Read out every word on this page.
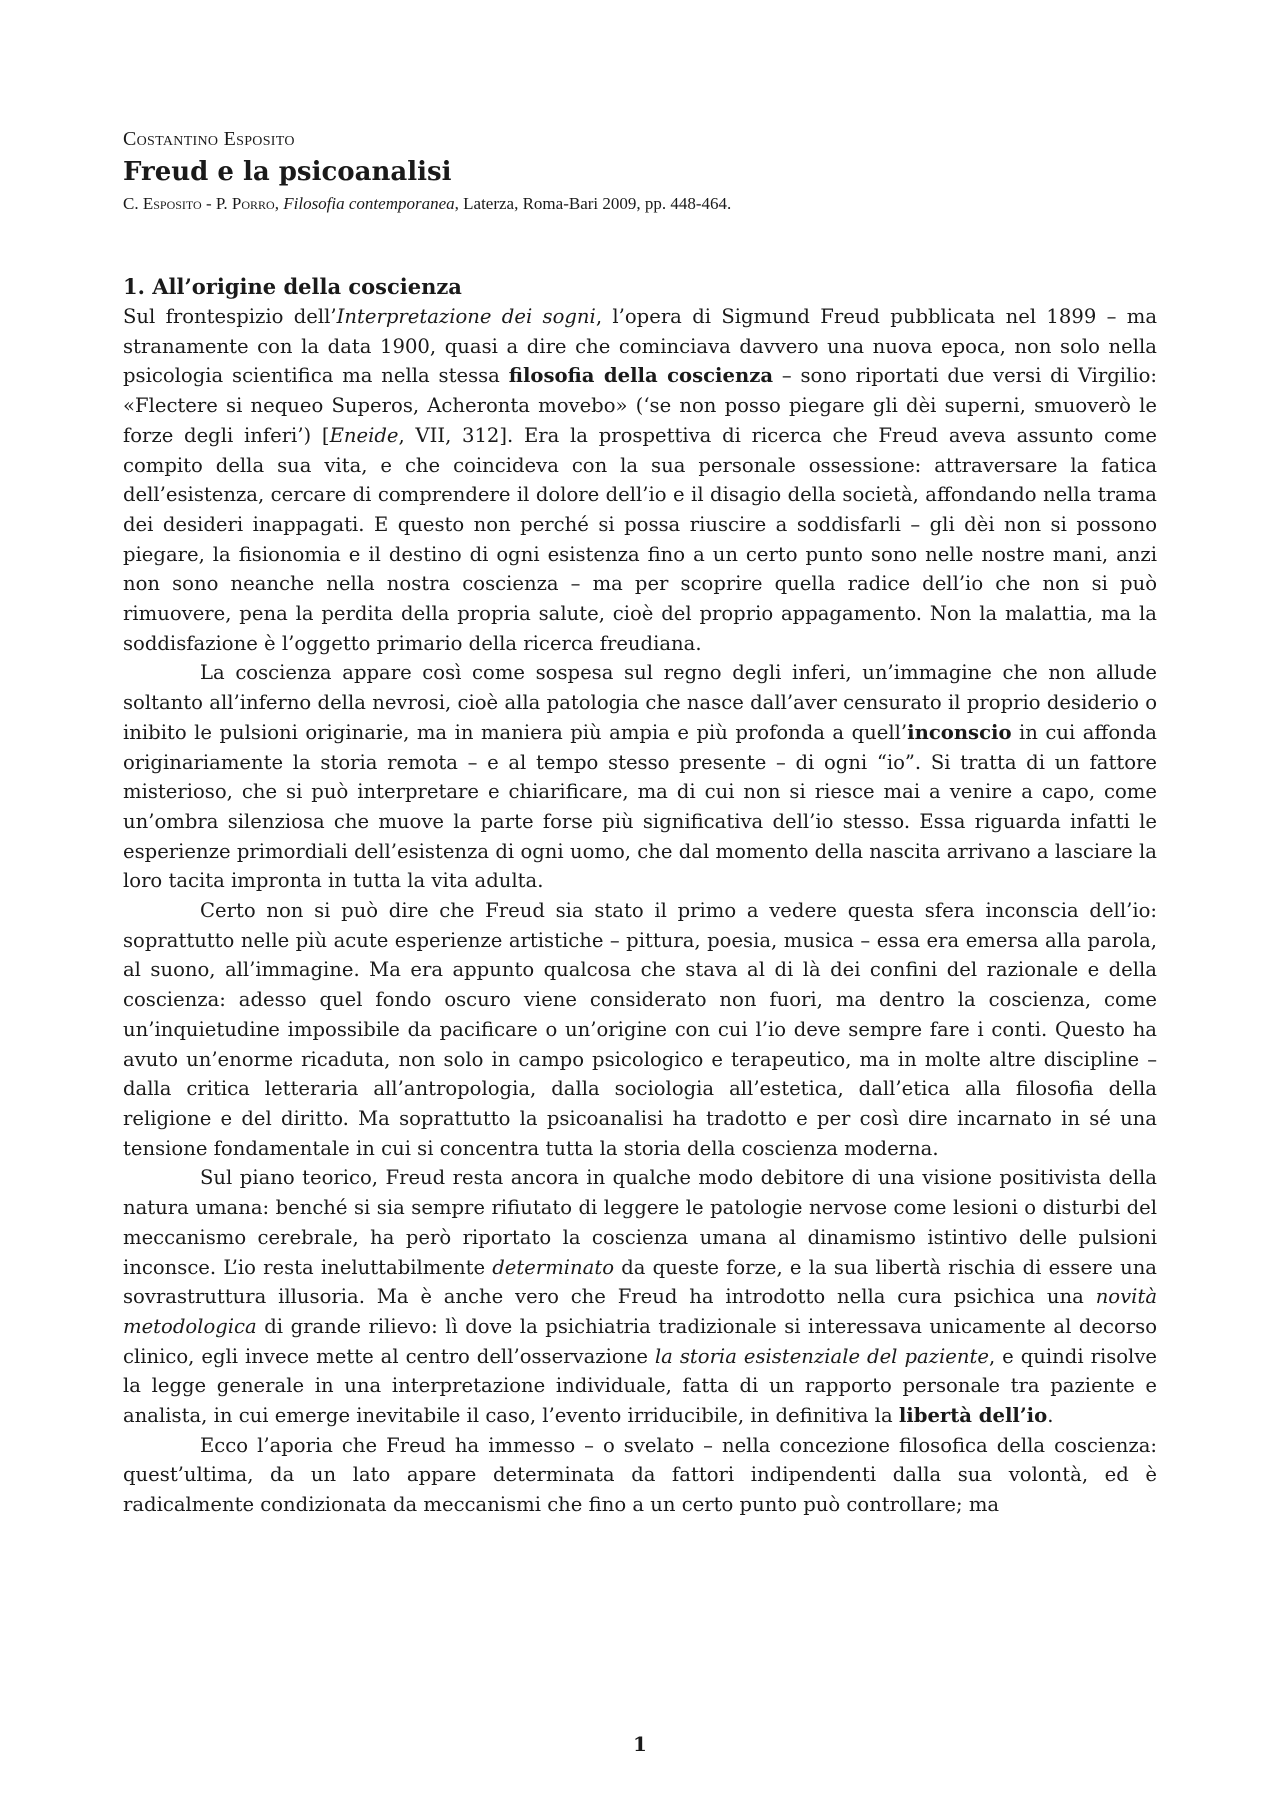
Costantino Esposito
Freud e la psicoanalisi
C. Esposito - P. Porro, Filosofia contemporanea, Laterza, Roma-Bari 2009, pp. 448-464.
1. All’origine della coscienza

Sul frontespizio dell’Interpretazione dei sogni, l’opera di Sigmund Freud pubblicata nel 1899 – ma stranamente con la data 1900, quasi a dire che cominciava davvero una nuova epoca, non solo nella psicologia scientifica ma nella stessa filosofia della coscienza – sono riportati due versi di Virgilio: «Flectere si nequeo Superos, Acheronta movebo» (‘se non posso piegare gli dèi superni, smuoverò le forze degli inferi’) [Eneide, VII, 312]. Era la prospettiva di ricerca che Freud aveva assunto come compito della sua vita, e che coincideva con la sua personale ossessione: attraversare la fatica dell’esistenza, cercare di comprendere il dolore dell’io e il disagio della società, affondando nella trama dei desideri inappagati. E questo non perché si possa riuscire a soddisfarli – gli dèi non si possono piegare, la fisionomia e il destino di ogni esistenza fino a un certo punto sono nelle nostre mani, anzi non sono neanche nella nostra coscienza – ma per scoprire quella radice dell’io che non si può rimuovere, pena la perdita della propria salute, cioè del proprio appagamento. Non la malattia, ma la soddisfazione è l’oggetto primario della ricerca freudiana.

La coscienza appare così come sospesa sul regno degli inferi, un’immagine che non allude soltanto all’inferno della nevrosi, cioè alla patologia che nasce dall’aver censurato il proprio desiderio o inibito le pulsioni originarie, ma in maniera più ampia e più profonda a quell’inconscio in cui affonda originariamente la storia remota – e al tempo stesso presente – di ogni “io”. Si tratta di un fattore misterioso, che si può interpretare e chiarificare, ma di cui non si riesce mai a venire a capo, come un’ombra silenziosa che muove la parte forse più significativa dell’io stesso. Essa riguarda infatti le esperienze primordiali dell’esistenza di ogni uomo, che dal momento della nascita arrivano a lasciare la loro tacita impronta in tutta la vita adulta.

Certo non si può dire che Freud sia stato il primo a vedere questa sfera inconscia dell’io: soprattutto nelle più acute esperienze artistiche – pittura, poesia, musica – essa era emersa alla parola, al suono, all’immagine. Ma era appunto qualcosa che stava al di là dei confini del razionale e della coscienza: adesso quel fondo oscuro viene considerato non fuori, ma dentro la coscienza, come un’inquietudine impossibile da pacificare o un’origine con cui l’io deve sempre fare i conti. Questo ha avuto un’enorme ricaduta, non solo in campo psicologico e terapeutico, ma in molte altre discipline – dalla critica letteraria all’antropologia, dalla sociologia all’estetica, dall’etica alla filosofia della religione e del diritto. Ma soprattutto la psicoanalisi ha tradotto e per così dire incarnato in sé una tensione fondamentale in cui si concentra tutta la storia della coscienza moderna.

Sul piano teorico, Freud resta ancora in qualche modo debitore di una visione positivista della natura umana: benché si sia sempre rifiutato di leggere le patologie nervose come lesioni o disturbi del meccanismo cerebrale, ha però riportato la coscienza umana al dinamismo istintivo delle pulsioni inconsce. L’io resta ineluttabilmente determinato da queste forze, e la sua libertà rischia di essere una sovrastruttura illusoria. Ma è anche vero che Freud ha introdotto nella cura psichica una novità metodologica di grande rilievo: lì dove la psichiatria tradizionale si interessava unicamente al decorso clinico, egli invece mette al centro dell’osservazione la storia esistenziale del paziente, e quindi risolve la legge generale in una interpretazione individuale, fatta di un rapporto personale tra paziente e analista, in cui emerge inevitabile il caso, l’evento irriducibile, in definitiva la libertà dell’io.

Ecco l’aporia che Freud ha immesso – o svelato – nella concezione filosofica della coscienza: quest’ultima, da un lato appare determinata da fattori indipendenti dalla sua volontà, ed è radicalmente condizionata da meccanismi che fino a un certo punto può controllare; ma

1
